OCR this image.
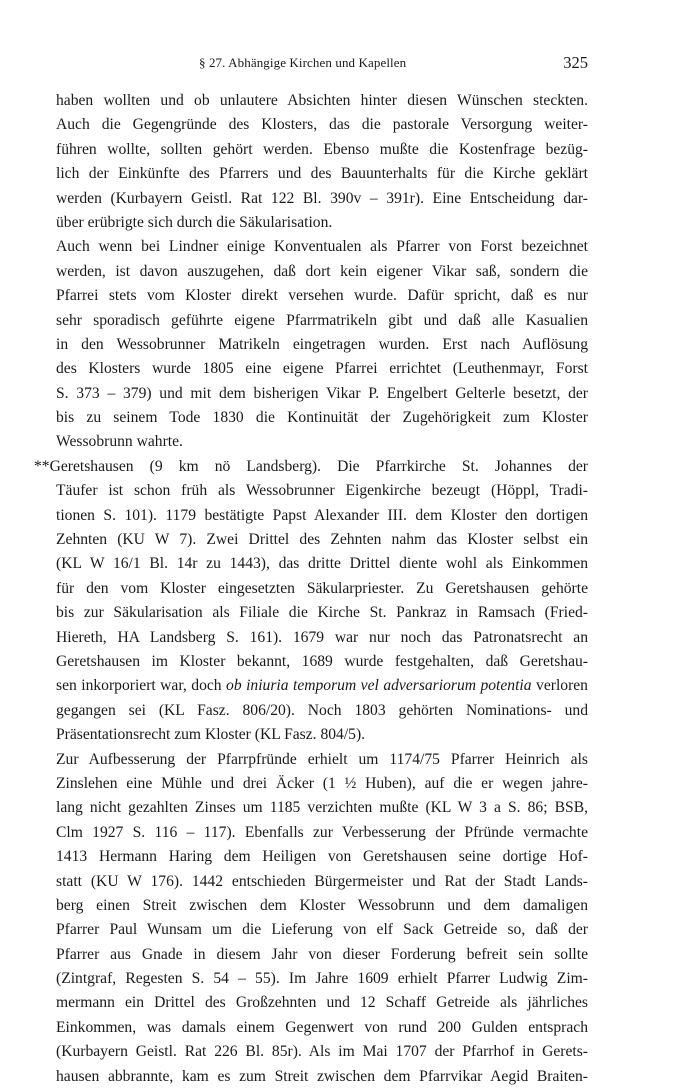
§ 27. Abhängige Kirchen und Kapellen	325
haben wollten und ob unlautere Absichten hinter diesen Wünschen steckten.
Auch die Gegengründe des Klosters, das die pastorale Versorgung weiter-
führen wollte, sollten gehört werden. Ebenso mußte die Kostenfrage bezüg-
lich der Einkünfte des Pfarrers und des Bauunterhalts für die Kirche geklärt
werden (Kurbayern Geistl. Rat 122 Bl. 390v – 391r). Eine Entscheidung dar-
über erübrigte sich durch die Säkularisation.
Auch wenn bei Lindner einige Konventualen als Pfarrer von Forst bezeichnet
werden, ist davon auszugehen, daß dort kein eigener Vikar saß, sondern die
Pfarrei stets vom Kloster direkt versehen wurde. Dafür spricht, daß es nur
sehr sporadisch geführte eigene Pfarrmatrikeln gibt und daß alle Kasualien
in den Wessobrunner Matrikeln eingetragen wurden. Erst nach Auflösung
des Klosters wurde 1805 eine eigene Pfarrei errichtet (Leuthenmayr, Forst
S. 373 – 379) und mit dem bisherigen Vikar P. Engelbert Gelterle besetzt, der
bis zu seinem Tode 1830 die Kontinuität der Zugehörigkeit zum Kloster
Wessobrunn wahrte.
**Geretshausen (9 km nö Landsberg). Die Pfarrkirche St. Johannes der
Täufer ist schon früh als Wessobrunner Eigenkirche bezeugt (Höppl, Tradi-
tionen S. 101). 1179 bestätigte Papst Alexander III. dem Kloster den dortigen
Zehnten (KU W 7). Zwei Drittel des Zehnten nahm das Kloster selbst ein
(KL W 16/1 Bl. 14r zu 1443), das dritte Drittel diente wohl als Einkommen
für den vom Kloster eingesetzten Säkularpriester. Zu Geretshausen gehörte
bis zur Säkularisation als Filiale die Kirche St. Pankraz in Ramsach (Fried-
Hiereth, HA Landsberg S. 161). 1679 war nur noch das Patronatsrecht an
Geretshausen im Kloster bekannt, 1689 wurde festgehalten, daß Geretshau-
sen inkorporiert war, doch ob iniuria temporum vel adversariorum potentia verloren
gegangen sei (KL Fasz. 806/20). Noch 1803 gehörten Nominations- und
Präsentationsrecht zum Kloster (KL Fasz. 804/5).
Zur Aufbesserung der Pfarrpfründe erhielt um 1174/75 Pfarrer Heinrich als
Zinslehen eine Mühle und drei Äcker (1 ½ Huben), auf die er wegen jahre-
lang nicht gezahlten Zinses um 1185 verzichten mußte (KL W 3 a S. 86; BSB,
Clm 1927 S. 116 – 117). Ebenfalls zur Verbesserung der Pfründe vermachte
1413 Hermann Haring dem Heiligen von Geretshausen seine dortige Hof-
statt (KU W 176). 1442 entschieden Bürgermeister und Rat der Stadt Lands-
berg einen Streit zwischen dem Kloster Wessobrunn und dem damaligen
Pfarrer Paul Wunsam um die Lieferung von elf Sack Getreide so, daß der
Pfarrer aus Gnade in diesem Jahr von dieser Forderung befreit sein sollte
(Zintgraf, Regesten S. 54 – 55). Im Jahre 1609 erhielt Pfarrer Ludwig Zim-
mermann ein Drittel des Großzehnten und 12 Schaff Getreide als jährliches
Einkommen, was damals einem Gegenwert von rund 200 Gulden entsprach
(Kurbayern Geistl. Rat 226 Bl. 85r). Als im Mai 1707 der Pfarrhof in Gerets-
hausen abbrannte, kam es zum Streit zwischen dem Pfarrvikar Aegid Braiten-
